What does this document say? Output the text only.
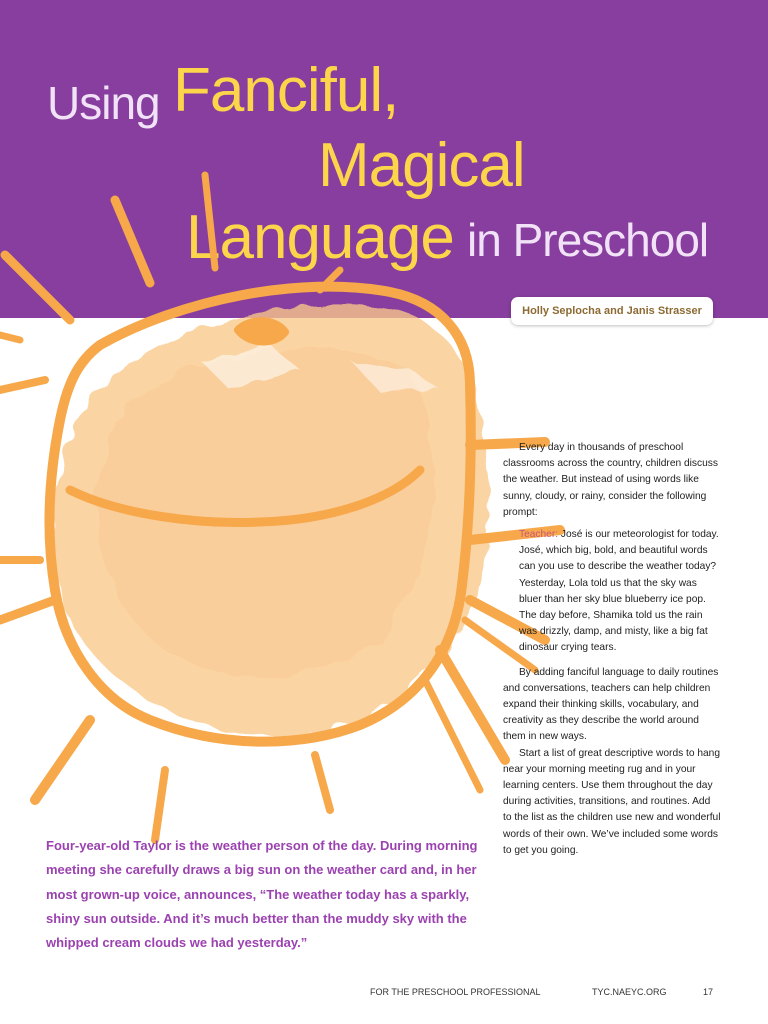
Using Fanciful,
Magical
Language in Preschool
Holly Seplocha and Janis Strasser

Every day in thousands of preschool classrooms across the country, children discuss the weather. But instead of using words like sunny, cloudy, or rainy, consider the following prompt:

Teacher: José is our meteorologist for today. José, which big, bold, and beautiful words can you use to describe the weather today? Yesterday, Lola told us that the sky was bluer than her sky blue blueberry ice pop. The day before, Shamika told us the rain was drizzly, damp, and misty, like a big fat dinosaur crying tears.

By adding fanciful language to daily routines and conversations, teachers can help children expand their thinking skills, vocabulary, and creativity as they describe the world around them in new ways.

Start a list of great descriptive words to hang near your morning meeting rug and in your learning centers. Use them throughout the day during activities, transitions, and routines. Add to the list as the children use new and wonderful words of their own. We’ve included some words to get you going.

Four-year-old Taylor is the weather person of the day. During morning meeting she carefully draws a big sun on the weather card and, in her most grown-up voice, announces, “The weather today has a sparkly, shiny sun outside. And it’s much better than the muddy sky with the whipped cream clouds we had yesterday.”
FOR THE PRESCHOOL PROFESSIONAL	TYC.NAEYC.ORG	17
